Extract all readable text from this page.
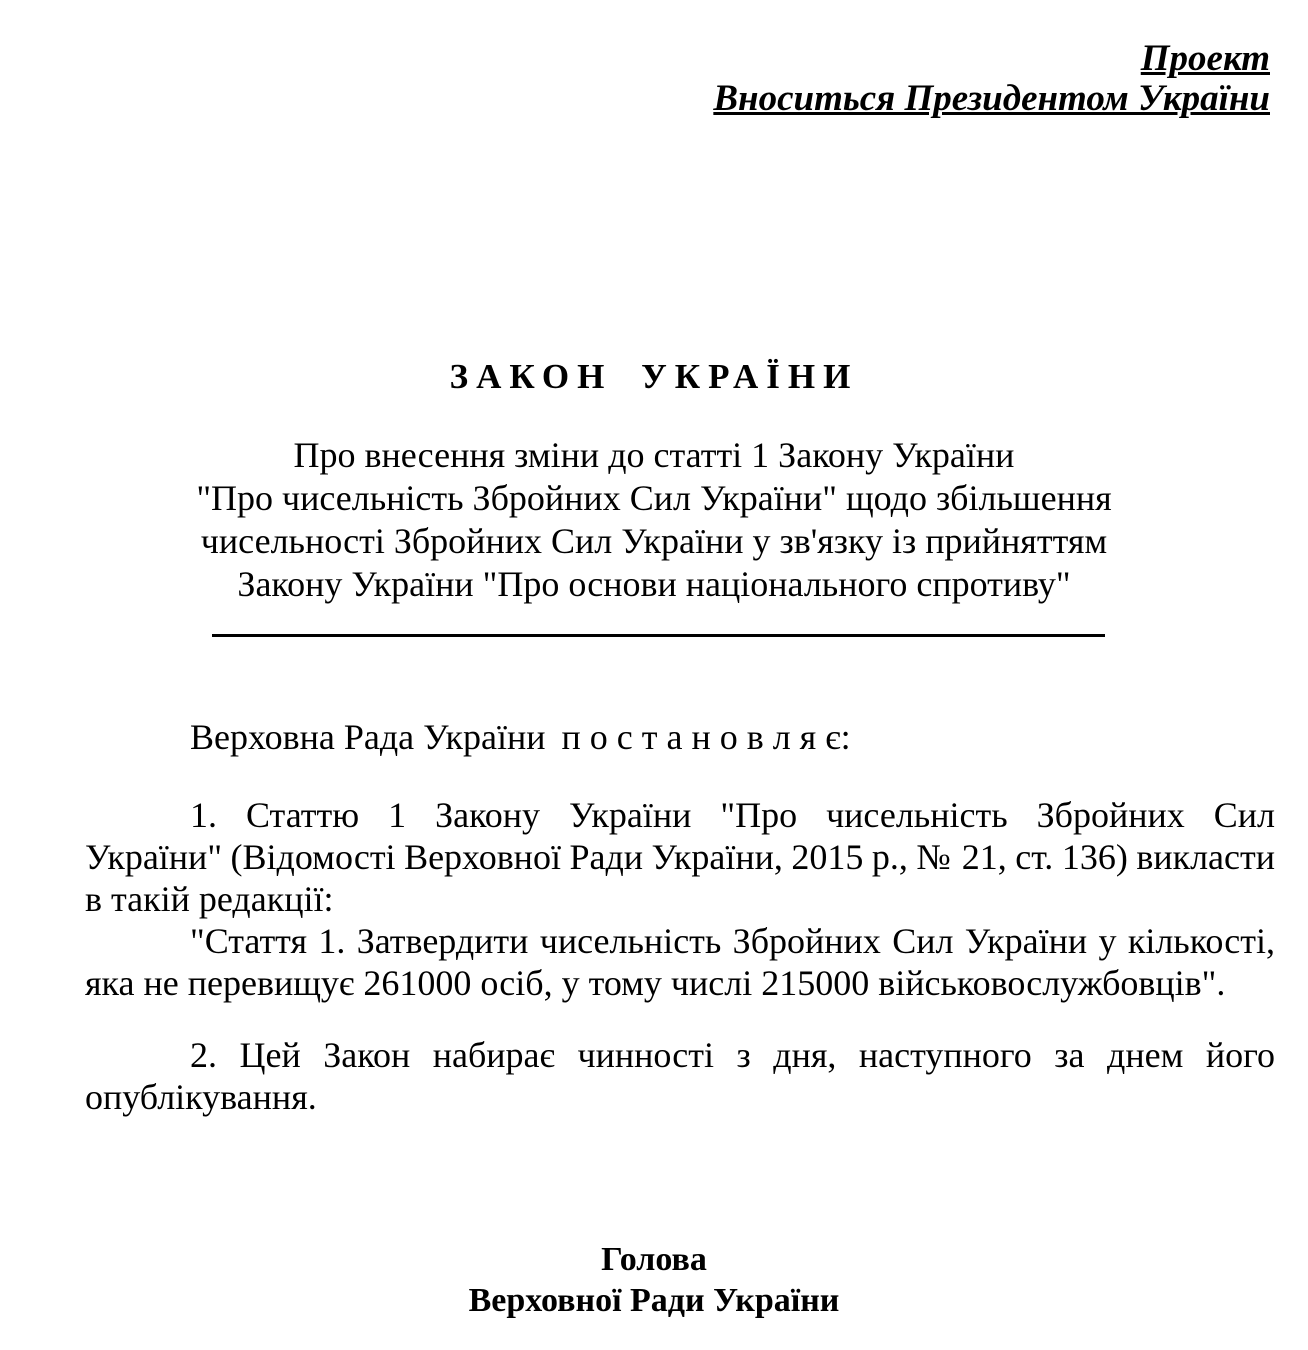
Проект
Вноситься Президентом України
ЗАКОН УКРАЇНИ
Про внесення зміни до статті 1 Закону України
"Про чисельність Збройних Сил України" щодо збільшення
чисельності Збройних Сил України у зв'язку із прийняттям
Закону України "Про основи національного спротиву"
Верховна Рада України п о с т а н о в л я є:
1. Статтю 1 Закону України "Про чисельність Збройних Сил
України" (Відомості Верховної Ради України, 2015 р., № 21, ст. 136) викласти
в такій редакції:
"Стаття 1. Затвердити чисельність Збройних Сил України у кількості,
яка не перевищує 261000 осіб, у тому числі 215000 військовослужбовців".
2. Цей Закон набирає чинності з дня, наступного за днем його
опублікування.
Голова
Верховної Ради України
